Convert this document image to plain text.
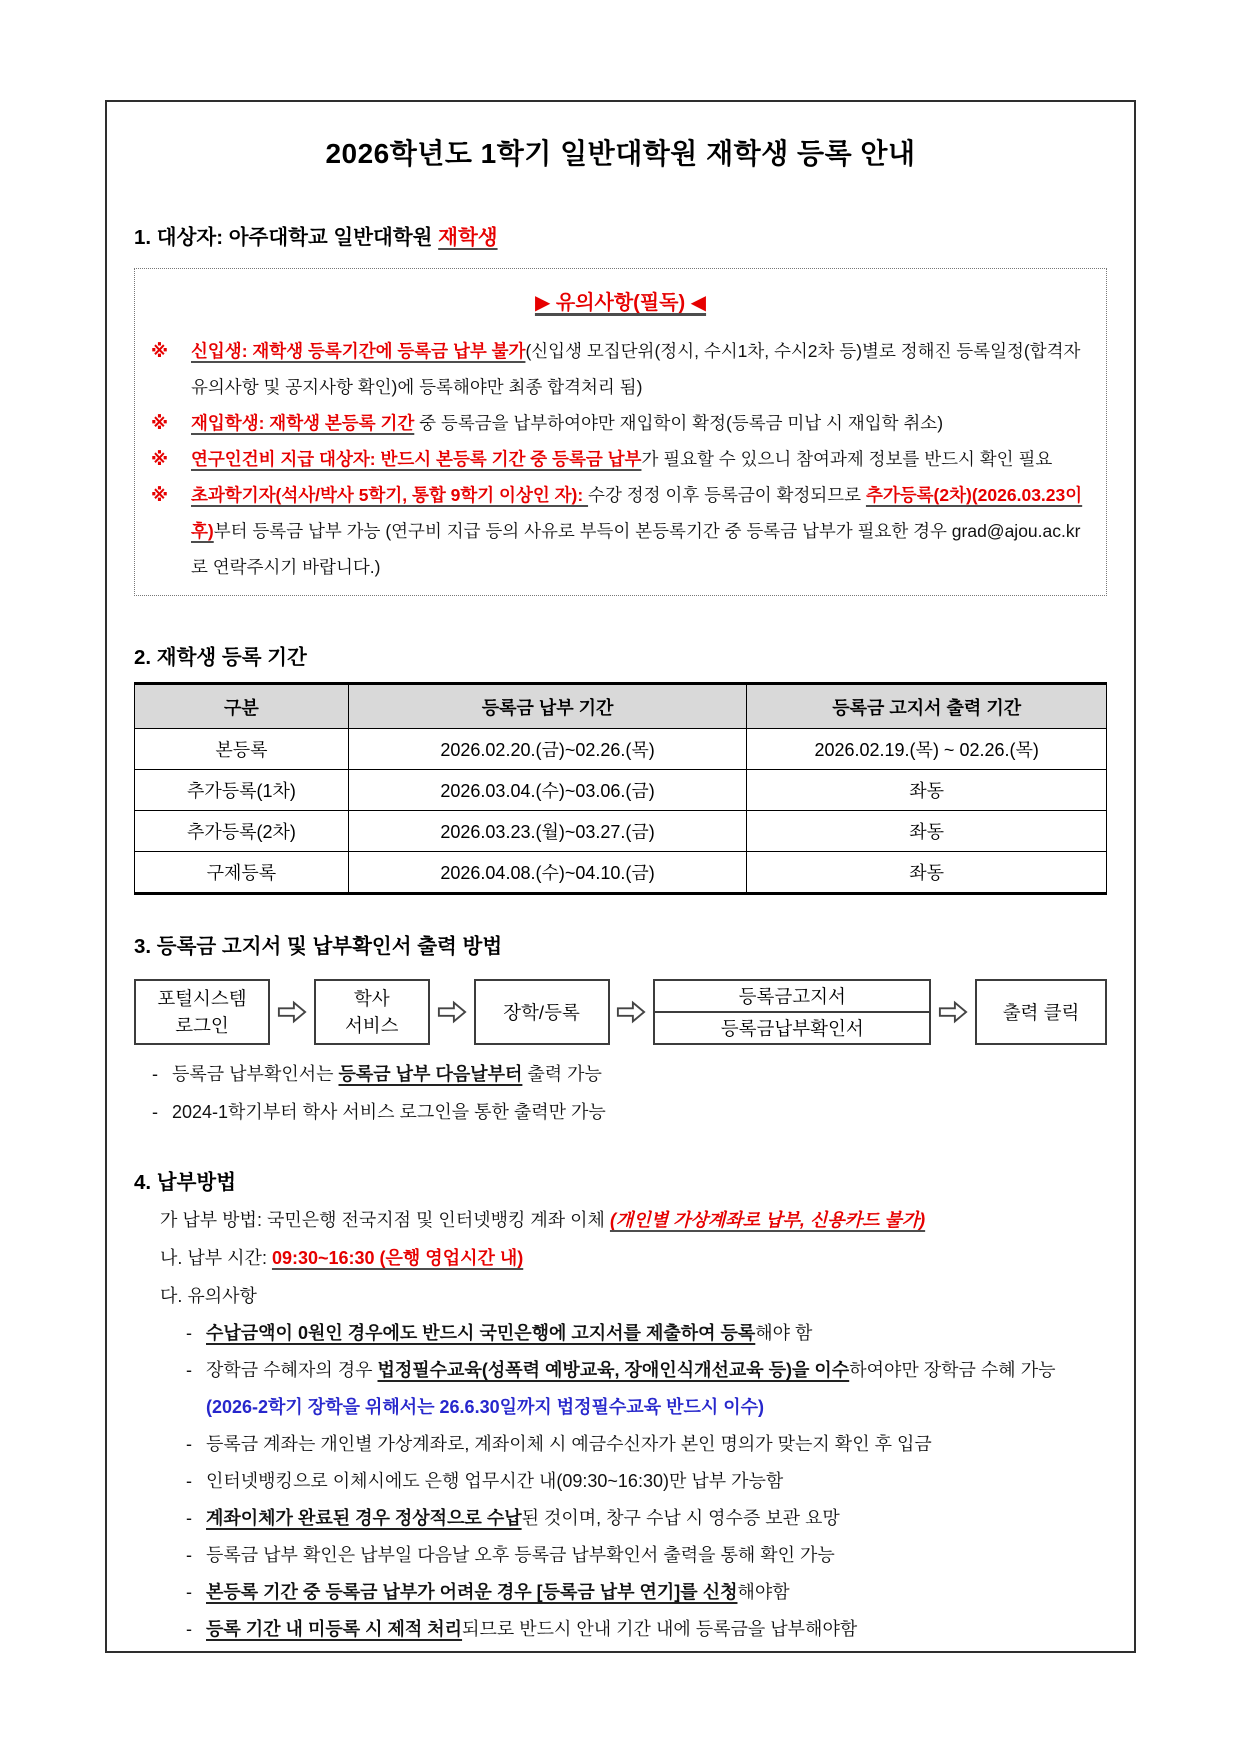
2026학년도 1학기 일반대학원 재학생 등록 안내
1. 대상자: 아주대학교 일반대학원 재학생
▶ 유의사항(필독) ◀
※ 신입생: 재학생 등록기간에 등록금 납부 불가(신입생 모집단위(정시, 수시1차, 수시2차 등)별로 정해진 등록일정(합격자 유의사항 및 공지사항 확인)에 등록해야만 최종 합격처리 됨)
※ 재입학생: 재학생 본등록 기간 중 등록금을 납부하여야만 재입학이 확정(등록금 미납 시 재입학 취소)
※ 연구인건비 지급 대상자: 반드시 본등록 기간 중 등록금 납부가 필요할 수 있으니 참여과제 정보를 반드시 확인 필요
※ 초과학기자(석사/박사 5학기, 통합 9학기 이상인 자): 수강 정정 이후 등록금이 확정되므로 추가등록(2차)(2026.03.23이후)부터 등록금 납부 가능 (연구비 지급 등의 사유로 부득이 본등록기간 중 등록금 납부가 필요한 경우 grad@ajou.ac.kr로 연락주시기 바랍니다.)
2. 재학생 등록 기간
구분	등록금 납부 기간	등록금 고지서 출력 기간
본등록	2026.02.20.(금)~02.26.(목)	2026.02.19.(목) ~ 02.26.(목)
추가등록(1차)	2026.03.04.(수)~03.06.(금)	좌동
추가등록(2차)	2026.03.23.(월)~03.27.(금)	좌동
구제등록	2026.04.08.(수)~04.10.(금)	좌동
3. 등록금 고지서 및 납부확인서 출력 방법
포털시스템
로그인
학사
서비스
장학/등록
등록금고지서
등록금납부확인서
출력 클릭
- 등록금 납부확인서는 등록금 납부 다음날부터 출력 가능
- 2024-1학기부터 학사 서비스 로그인을 통한 출력만 가능
4. 납부방법
가 납부 방법: 국민은행 전국지점 및 인터넷뱅킹 계좌 이체 (개인별 가상계좌로 납부, 신용카드 불가)
나. 납부 시간: 09:30~16:30 (은행 영업시간 내)
다. 유의사항
- 수납금액이 0원인 경우에도 반드시 국민은행에 고지서를 제출하여 등록해야 함
- 장학금 수혜자의 경우 법정필수교육(성폭력 예방교육, 장애인식개선교육 등)을 이수하여야만 장학금 수혜 가능 (2026-2학기 장학을 위해서는 26.6.30일까지 법정필수교육 반드시 이수)
- 등록금 계좌는 개인별 가상계좌로, 계좌이체 시 예금수신자가 본인 명의가 맞는지 확인 후 입금
- 인터넷뱅킹으로 이체시에도 은행 업무시간 내(09:30~16:30)만 납부 가능함
- 계좌이체가 완료된 경우 정상적으로 수납된 것이며, 창구 수납 시 영수증 보관 요망
- 등록금 납부 확인은 납부일 다음날 오후 등록금 납부확인서 출력을 통해 확인 가능
- 본등록 기간 중 등록금 납부가 어려운 경우 [등록금 납부 연기]를 신청해야함
- 등록 기간 내 미등록 시 제적 처리되므로 반드시 안내 기간 내에 등록금을 납부해야함
